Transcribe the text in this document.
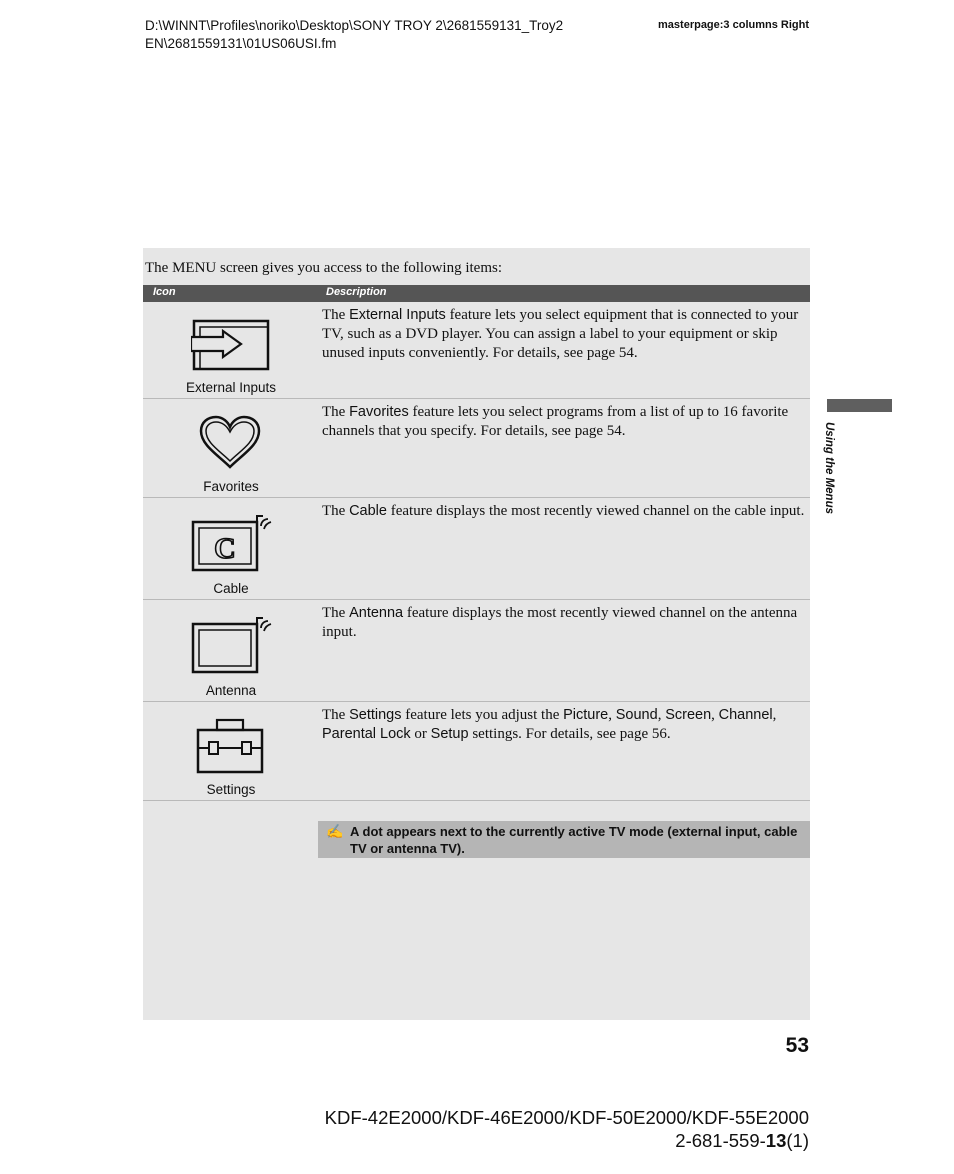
D:\WINNT\Profiles\noriko\Desktop\SONY TROY 2\2681559131_Troy2
EN\2681559131\01US06USI.fm
masterpage:3 columns Right
The MENU screen gives you access to the following items:
Icon	Description
External Inputs
The External Inputs feature lets you select equipment that is connected to your TV, such as a DVD player. You can assign a label to your equipment or skip unused inputs conveniently. For details, see page 54.
Favorites
The Favorites feature lets you select programs from a list of up to 16 favorite channels that you specify. For details, see page 54.
C
Cable
The Cable feature displays the most recently viewed channel on the cable input.
Antenna
The Antenna feature displays the most recently viewed channel on the antenna input.
Settings
The Settings feature lets you adjust the Picture, Sound, Screen, Channel, Parental Lock or Setup settings. For details, see page 56.
✍ A dot appears next to the currently active TV mode (external input, cable TV or antenna TV).
Using the Menus
53
KDF-42E2000/KDF-46E2000/KDF-50E2000/KDF-55E2000
2-681-559-13(1)
